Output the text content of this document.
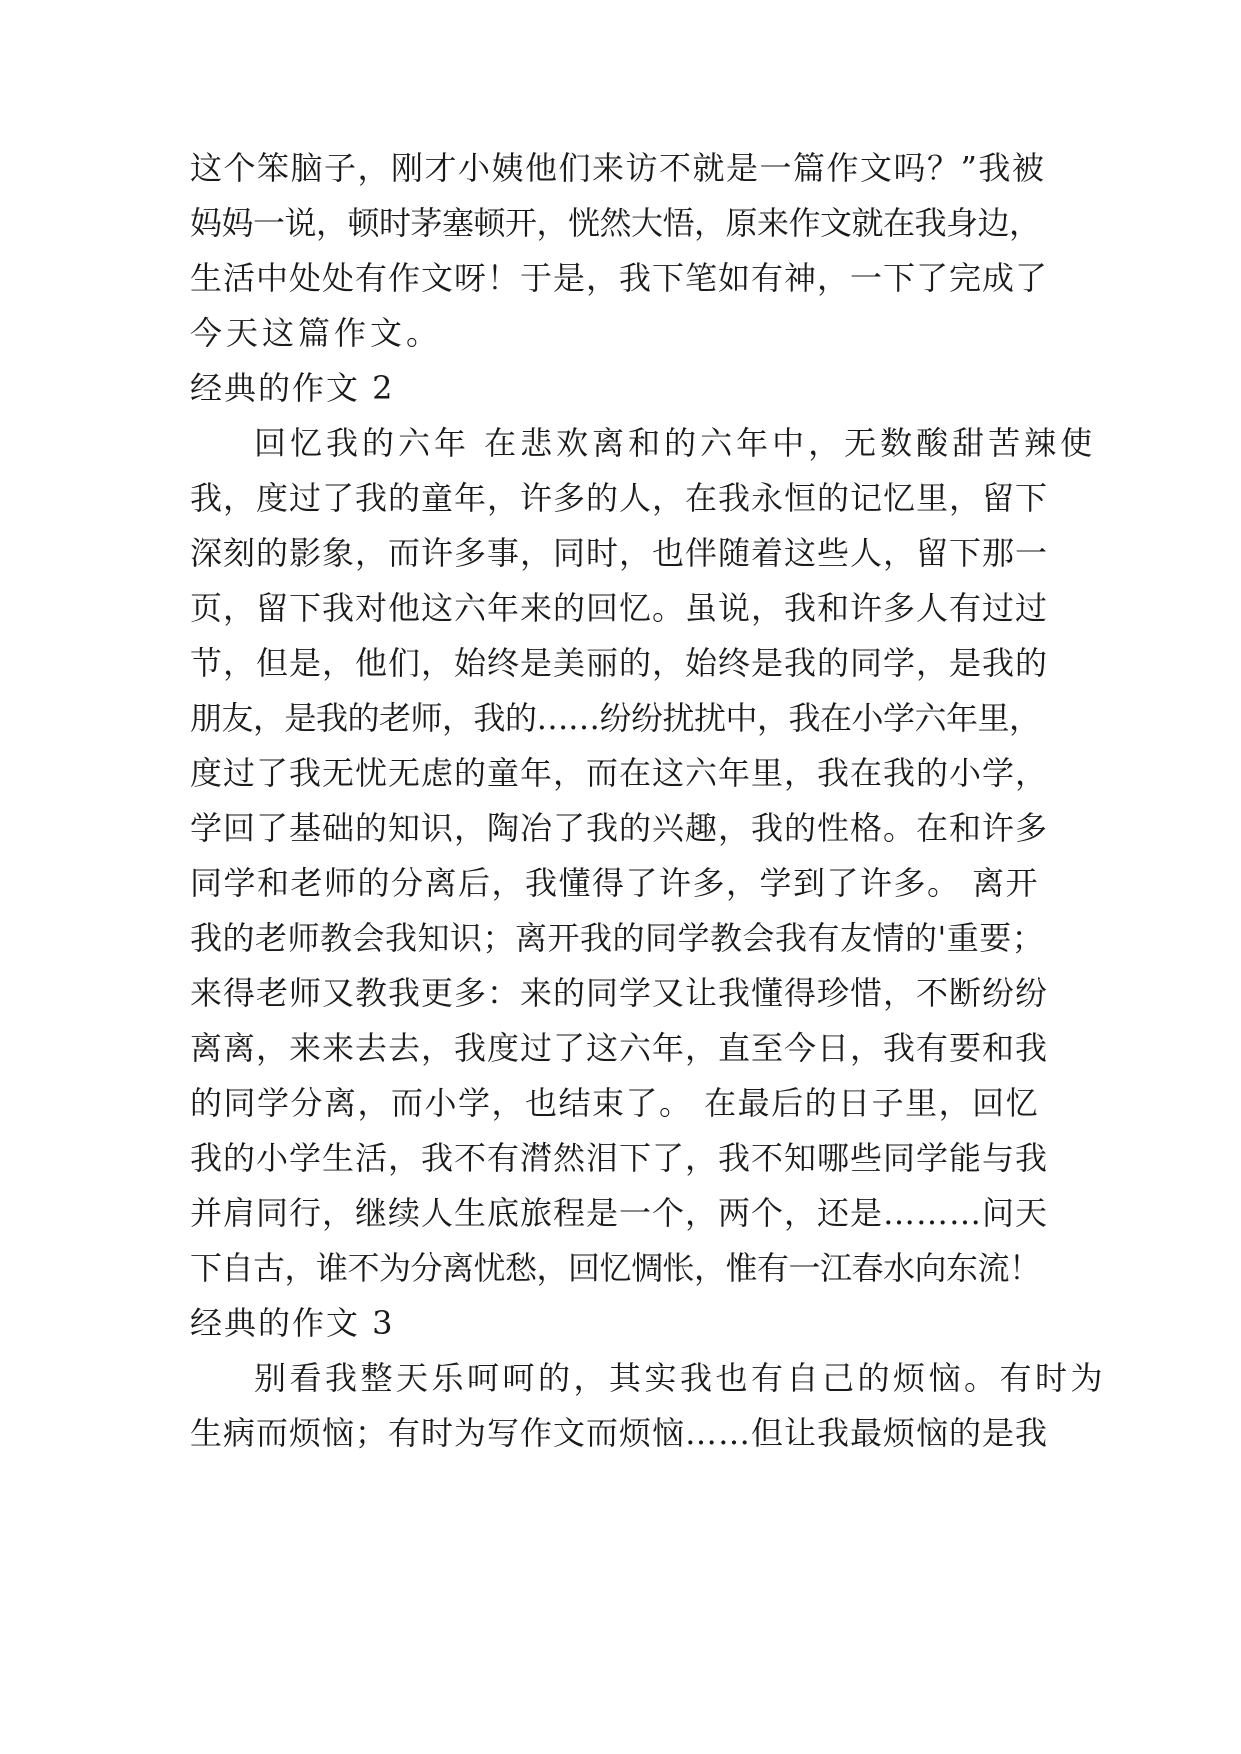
这个笨脑子，刚才小姨他们来访不就是一篇作文吗？”我被
妈妈一说，顿时茅塞顿开，恍然大悟，原来作文就在我身边，
生活中处处有作文呀！于是，我下笔如有神，一下了完成了
今天这篇作文。
经典的作文 2
回忆我的六年 在悲欢离和的六年中，无数酸甜苦辣使
我，度过了我的童年，许多的人，在我永恒的记忆里，留下
深刻的影象，而许多事，同时，也伴随着这些人，留下那一
页，留下我对他这六年来的回忆。虽说，我和许多人有过过
节，但是，他们，始终是美丽的，始终是我的同学，是我的
朋友，是我的老师，我的……纷纷扰扰中，我在小学六年里，
度过了我无忧无虑的童年，而在这六年里，我在我的小学，
学回了基础的知识，陶冶了我的兴趣，我的性格。在和许多
同学和老师的分离后，我懂得了许多，学到了许多。 离开
我的老师教会我知识；离开我的同学教会我有友情的'重要；
来得老师又教我更多：来的同学又让我懂得珍惜，不断纷纷
离离，来来去去，我度过了这六年，直至今日，我有要和我
的同学分离，而小学，也结束了。 在最后的日子里，回忆
我的小学生活，我不有潸然泪下了，我不知哪些同学能与我
并肩同行，继续人生底旅程是一个，两个，还是………问天
下自古，谁不为分离忧愁，回忆惆怅，惟有一江春水向东流！
经典的作文 3
别看我整天乐呵呵的，其实我也有自己的烦恼。有时为
生病而烦恼；有时为写作文而烦恼……但让我最烦恼的是我
